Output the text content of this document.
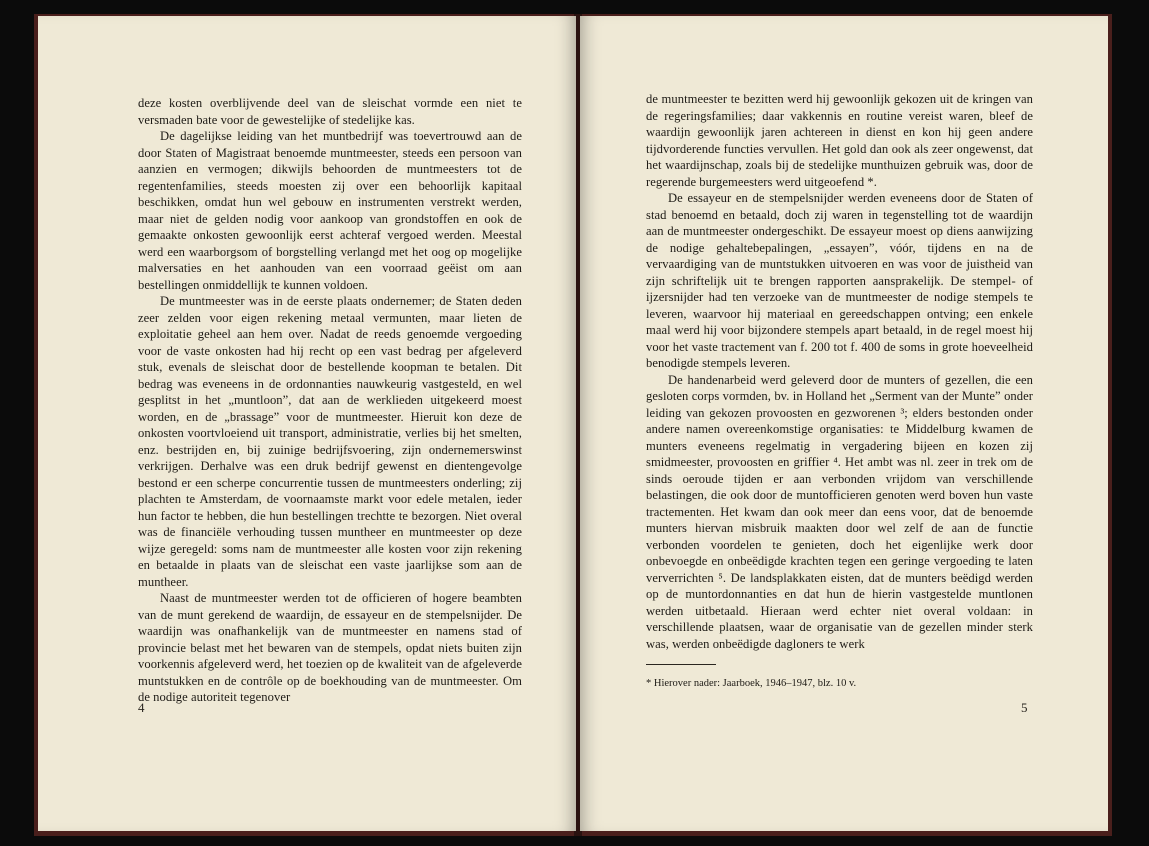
deze kosten overblijvende deel van de sleischat vormde een niet te versmaden bate voor de gewestelijke of stedelijke kas.

De dagelijkse leiding van het muntbedrijf was toevertrouwd aan de door Staten of Magistraat benoemde muntmeester, steeds een persoon van aanzien en vermogen; dikwijls behoorden de muntmeesters tot de regentenfamilies, steeds moesten zij over een behoorlijk kapitaal beschikken, omdat hun wel gebouw en instrumenten verstrekt werden, maar niet de gelden nodig voor aankoop van grondstoffen en ook de gemaakte onkosten gewoonlijk eerst achteraf vergoed werden. Meestal werd een waarborgsom of borgstelling verlangd met het oog op mogelijke malversaties en het aanhouden van een voorraad geëist om aan bestellingen onmiddellijk te kunnen voldoen.

De muntmeester was in de eerste plaats ondernemer; de Staten deden zeer zelden voor eigen rekening metaal vermunten, maar lieten de exploitatie geheel aan hem over. Nadat de reeds genoemde vergoeding voor de vaste onkosten had hij recht op een vast bedrag per afgeleverd stuk, evenals de sleischat door de bestellende koopman te betalen. Dit bedrag was eveneens in de ordonnanties nauwkeurig vastgesteld, en wel gesplitst in het „muntloon”, dat aan de werklieden uitgekeerd moest worden, en de „brassage” voor de muntmeester. Hieruit kon deze de onkosten voortvloeiend uit transport, administratie, verlies bij het smelten, enz. bestrijden en, bij zuinige bedrijfsvoering, zijn ondernemerswinst verkrijgen. Derhalve was een druk bedrijf gewenst en dientengevolge bestond er een scherpe concurrentie tussen de muntmeesters onderling; zij plachten te Amsterdam, de voornaamste markt voor edele metalen, ieder hun factor te hebben, die hun bestellingen trechtte te bezorgen. Niet overal was de financiële verhouding tussen muntheer en muntmeester op deze wijze geregeld: soms nam de muntmeester alle kosten voor zijn rekening en betaalde in plaats van de sleischat een vaste jaarlijkse som aan de muntheer.

Naast de muntmeester werden tot de officieren of hogere beambten van de munt gerekend de waardijn, de essayeur en de stempelsnijder. De waardijn was onafhankelijk van de muntmeester en namens stad of provincie belast met het bewaren van de stempels, opdat niets buiten zijn voorkennis afgeleverd werd, het toezien op de kwaliteit van de afgeleverde muntstukken en de contrôle op de boekhouding van de muntmeester. Om de nodige autoriteit tegenover

4

de muntmeester te bezitten werd hij gewoonlijk gekozen uit de kringen van de regeringsfamilies; daar vakkennis en routine vereist waren, bleef de waardijn gewoonlijk jaren achtereen in dienst en kon hij geen andere tijdvorderende functies vervullen. Het gold dan ook als zeer ongewenst, dat het waardijnschap, zoals bij de stedelijke munthuizen gebruik was, door de regerende burgemeesters werd uitgeoefend *.

De essayeur en de stempelsnijder werden eveneens door de Staten of stad benoemd en betaald, doch zij waren in tegenstelling tot de waardijn aan de muntmeester ondergeschikt. De essayeur moest op diens aanwijzing de nodige gehaltebepalingen, „essayen”, vóór, tijdens en na de vervaardiging van de muntstukken uitvoeren en was voor de juistheid van zijn schriftelijk uit te brengen rapporten aansprakelijk. De stempel- of ijzersnijder had ten verzoeke van de muntmeester de nodige stempels te leveren, waarvoor hij materiaal en gereedschappen ontving; een enkele maal werd hij voor bijzondere stempels apart betaald, in de regel moest hij voor het vaste tractement van f. 200 tot f. 400 de soms in grote hoeveelheid benodigde stempels leveren.

De handenarbeid werd geleverd door de munters of gezellen, die een gesloten corps vormden, bv. in Holland het „Serment van der Munte” onder leiding van gekozen provoosten en gezworenen ³; elders bestonden onder andere namen overeenkomstige organisaties: te Middelburg kwamen de munters eveneens regelmatig in vergadering bijeen en kozen zij smidmeester, provoosten en griffier ⁴. Het ambt was nl. zeer in trek om de sinds oeroude tijden er aan verbonden vrijdom van verschillende belastingen, die ook door de muntofficieren genoten werd boven hun vaste tractementen. Het kwam dan ook meer dan eens voor, dat de benoemde munters hiervan misbruik maakten door wel zelf de aan de functie verbonden voordelen te genieten, doch het eigenlijke werk door onbevoegde en onbeëdigde krachten tegen een geringe vergoeding te laten ververrichten ⁵. De landsplakkaten eisten, dat de munters beëdigd werden op de muntordonnanties en dat hun de hierin vastgestelde muntlonen werden uitbetaald. Hieraan werd echter niet overal voldaan: in verschillende plaatsen, waar de organisatie van de gezellen minder sterk was, werden onbeëdigde dagloners te werk

* Hierover nader: Jaarboek, 1946–1947, blz. 10 v.
5
